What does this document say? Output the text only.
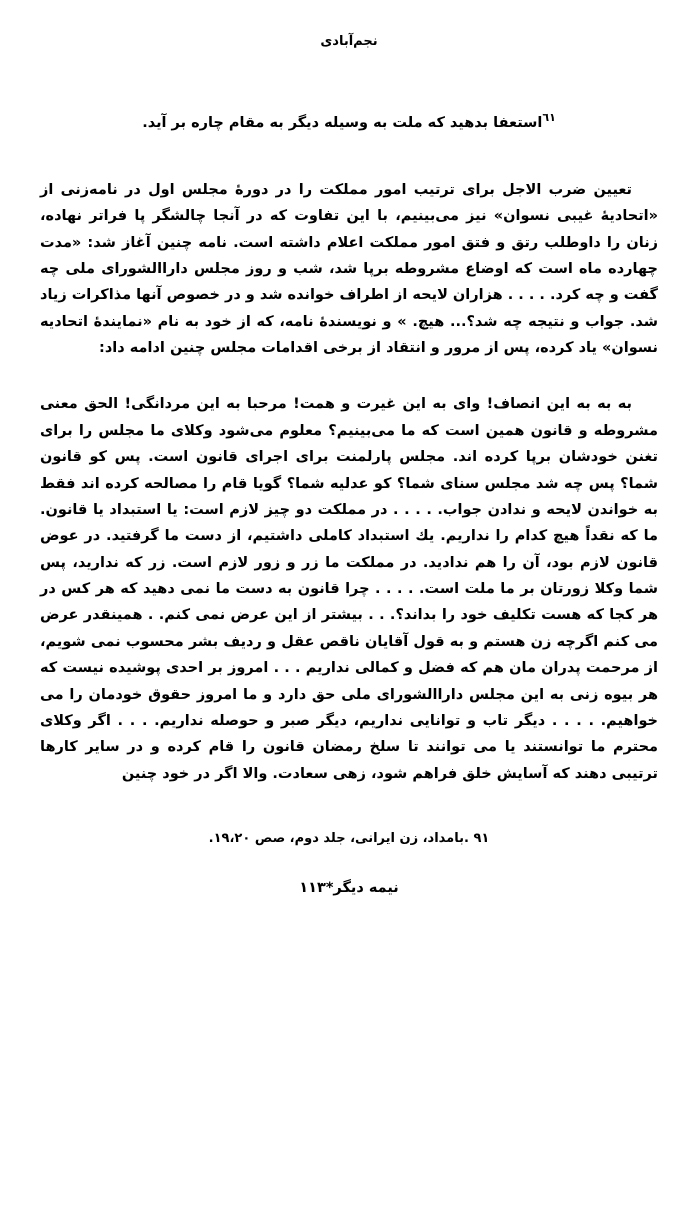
نجم‌آبادی
$^{٦١}$استعفا بدهید که ملت به وسیله دیگر به مقام چاره بر آید.

تعیین ضرب الاجل برای ترتیب امور مملکت را در دورهٔ مجلس اول در نامه‌زنی از «اتحادیهٔ غیبی نسوان» نیز می‌بینیم، با این تفاوت که در آنجا چالشگر پا فراتر نهاده، زنان را داوطلب رتق و فتق امور مملکت اعلام داشته است. نامه چنین آغاز شد: «مدت چهارده ماه است که اوضاع مشروطه برپا شد، شب و روز مجلس داراالشورای ملی چه گفت و چه کرد. . . . . هزاران لایحه از اطراف خوانده شد و در خصوص آنها مذاکرات زیاد شد. جواب و نتیجه چه شد؟... هیچ. » و نویسندهٔ نامه، که از خود به نام «نمایندهٔ اتحادیه نسوان» یاد کرده، پس از مرور و انتقاد از برخی اقدامات مجلس چنین ادامه داد:

به به به این انصاف! وای به این غیرت و همت! مرحبا به این مردانگی! الحق معنی مشروطه و قانون همین است که ما می‌بینیم؟ معلوم می‌شود وکلای ما مجلس را برای تغنن خودشان برپا کرده اند. مجلس پارلمنت برای اجرای قانون است. پس کو قانون شما؟ پس چه شد مجلس سنای شما؟ کو عدلیه شما؟ گویا قام را مصالحه کرده اند فقط به خواندن لایحه و ندادن جواب. . . . . در مملکت دو چیز لازم است: یا استبداد یا قانون. ما که نقداً هیچ کدام را نداریم. یك استبداد کاملی داشتیم، از دست ما گرفتید. در عوض قانون لازم بود، آن را هم ندادید. در مملکت ما زر و زور لازم است. زر که ندارید، پس شما وکلا زورتان بر ما ملت است. . . . . چرا قانون به دست ما نمی دهید که هر کس در هر کجا که هست تکلیف خود را بداند؟. . . بیشتر از این عرض نمی کنم. . همینقدر عرض می کنم اگرچه زن هستم و به قول آقایان ناقص عقل و ردیف بشر محسوب نمی شویم، از مرحمت پدران مان هم که فضل و کمالی نداریم . . . امروز بر احدی پوشیده نیست که هر بیوه زنی به این مجلس داراالشورای ملی حق دارد و ما امروز حقوق خودمان را می خواهیم. . . . . دیگر تاب و توانایی نداریم، دیگر صبر و حوصله نداریم. . . . اگر وکلای محترم ما توانستند یا می توانند تا سلخ رمضان قانون را قام کرده و در سایر کارها ترتیبی دهند که آسایش خلق فراهم شود، زهی سعادت. والا اگر در خود چنین

٩١ .بامداد، زن ایرانی، جلد دوم، صص ١٩،٢٠.
نیمه دیگر*١١٣
